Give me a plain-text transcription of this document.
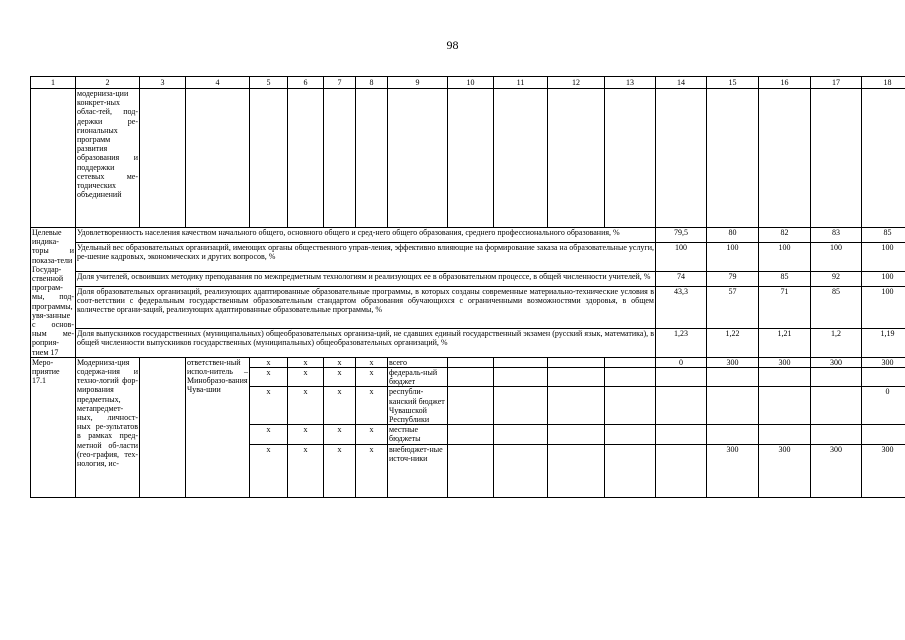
98
1	2	3	4	5	6	7	8	9	10	11	12	13	14	15	16	17	18
	модерниза-ции конкрет-ных облас-тей, под-держки ре-гиональных программ развития образования и поддержки сетевых ме-тодических объединений																
Целевые индика-торы и показа-тели Государ-ственной програм-мы, под-программы, увя-занные с основ-ным ме-роприя-тием 17	Удовлетворенность населения качеством начального общего, основного общего и сред-него общего образования, среднего профессионального образования, %												79,5	80	82	83	85
	Удельный вес образовательных организаций, имеющих органы общественного управ-ления, эффективно влияющие на формирование заказа на образовательные услуги, ре-шение кадровых, экономических и других вопросов, %												100	100	100	100	100
	Доля учителей, освоивших методику преподавания по межпредметным технологиям и реализующих ее в образовательном процессе, в общей численности учителей, %												74	79	85	92	100
	Доля образовательных организаций, реализующих адаптированные образовательные программы, в которых созданы современные материально-технические условия в соот-ветствии с федеральным государственным образовательным стандартом образования обучающихся с ограниченными возможностями здоровья, в общем количестве органи-заций, реализующих адаптированные образовательные программы, %												43,3	57	71	85	100
	Доля выпускников государственных (муниципальных) общеобразовательных организа-ций, не сдавших единый государственный экзамен (русский язык, математика), в общей численности выпускников государственных (муниципальных) общеобразовательных организаций, %												1,23	1,22	1,21	1,2	1,19
Меро-приятие 17.1	Модерниза-ция содержа-ния и техно-логий фор-мирования предметных, метапредмет-ных, личност-ных ре-зультатов в рамках пред-метной об-ласти (гео-графия, тех-нология, ис-		ответствен-ный испол-нитель – Минобразо-вания Чува-шии	x	x	x	x	всего					0	300	300	300	300
				x	x	x	x	федераль-ный бюджет									
				x	x	x	x	республи-канский бюджет Чувашской Республики									0
				x	x	x	x	местные бюджеты									
				x	x	x	x	внебюджет-ные источ-ники						300	300	300	300
